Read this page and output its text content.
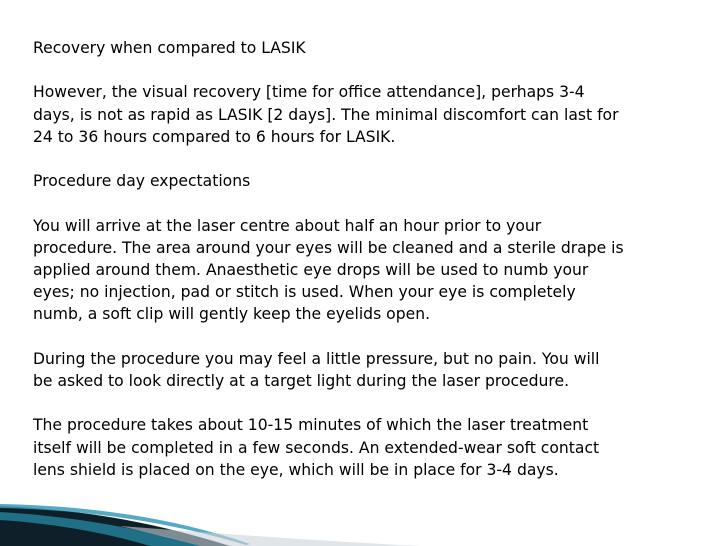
Recovery when compared to LASIK

However, the visual recovery [time for office attendance], perhaps 3-4
days, is not as rapid as LASIK [2 days]. The minimal discomfort can last for
24 to 36 hours compared to 6 hours for LASIK.

Procedure day expectations

You will arrive at the laser centre about half an hour prior to your
procedure. The area around your eyes will be cleaned and a sterile drape is
applied around them. Anaesthetic eye drops will be used to numb your
eyes; no injection, pad or stitch is used. When your eye is completely
numb, a soft clip will gently keep the eyelids open.

During the procedure you may feel a little pressure, but no pain. You will
be asked to look directly at a target light during the laser procedure.

The procedure takes about 10-15 minutes of which the laser treatment
itself will be completed in a few seconds. An extended-wear soft contact
lens shield is placed on the eye, which will be in place for 3-4 days.
